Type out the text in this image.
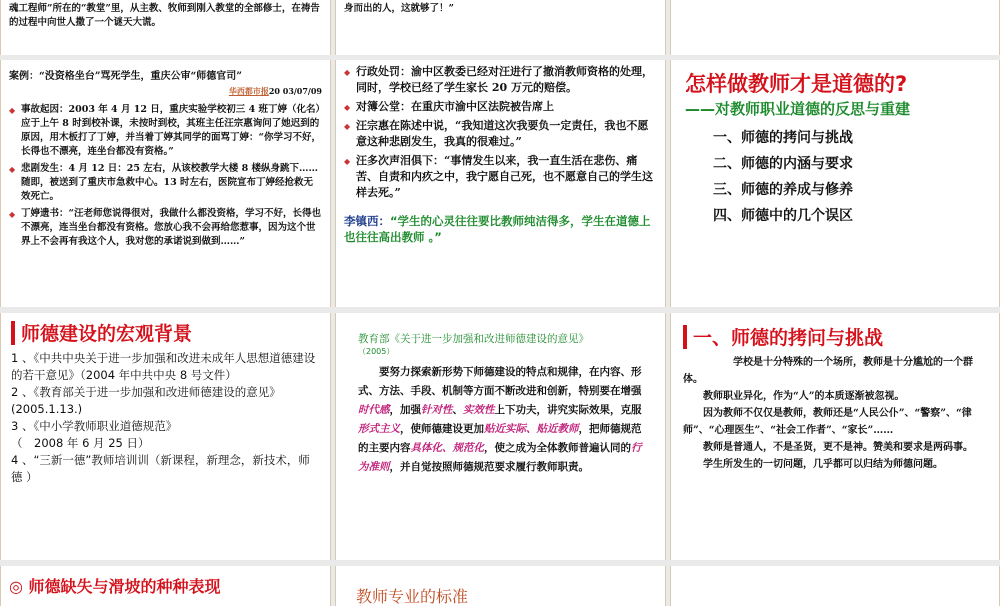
魂工程师”所在的“教堂”里，从主教、牧师到刚入教堂的全部修士，在祷告的过程中向世人撒了一个谜天大谎。
身而出的人，这就够了！”
案例：“没资格坐台”骂死学生，重庆公审“师德官司”
华西都市报20 03/07/09
◆ 事故起因：2003 年 4 月 12 日，重庆实验学校初三 4 班丁婷（化名）应于上午 8 时到校补课，未按时到校，其班主任汪宗惠询问了她迟到的原因，用木板打了丁婷，并当着丁婷其同学的面骂丁婷：“你学习不好，长得也不漂亮，连坐台都没有资格。”
◆ 悲剧发生：4 月 12 日：25 左右，从该校教学大楼 8 楼纵身跳下……随即，被送到了重庆市急救中心。13 时左右，医院宣布丁婷经抢救无效死亡。
◆ 丁婷遗书：“汪老师您说得很对，我做什么都没资格，学习不好，长得也不漂亮，连当坐台都没有资格。您放心我不会再给您惹事，因为这个世界上不会再有我这个人，我对您的承诺说到做到……”
◆ 行政处罚：渝中区教委已经对汪进行了撤消教师资格的处理，同时，学校已经了学生家长 20 万元的赔偿。
◆ 对簿公堂：在重庆市渝中区法院被告席上
◆ 汪宗惠在陈述中说，“我知道这次我要负一定责任，我也不愿意这种悲剧发生，我真的很难过。”
◆ 汪多次声泪俱下：“事情发生以来，我一直生活在悲伤、痛苦、自责和内疚之中，我宁愿自己死，也不愿意自己的学生这样去死。”
李镇西：“学生的心灵往往要比教师纯洁得多，学生在道德上也往往高出教师 。”
怎样做教师才是道德的?
——对教师职业道德的反思与重建
一、师德的拷问与挑战
二、师德的内涵与要求
三、师德的养成与修养
四、师德中的几个误区
师德建设的宏观背景
1 、《中共中央关于进一步加强和改进未成年人思想道德建设的若干意见》（2004 年中共中央 8 号文件）
2 、《教育部关于进一步加强和改进师德建设的意见》(2005.1.13.)
3 、《中小学教师职业道德规范》
（　2008 年 6 月 25 日）
4 、“三新一德”教师培训训（新课程，新理念，新技术，师德 ）
教育部《关于进一步加强和改进师德建设的意见》
（2005）
要努力探索新形势下师德建设的特点和规律，在内容、形式、方法、手段、机制等方面不断改进和创新，特别要在增强时代感，加强针对性、实效性上下功夫，讲究实际效果，克服形式主义，使师德建设更加贴近实际、贴近教师，把师德规范的主要内容具体化、规范化，使之成为全体教师普遍认同的行为准则，并自觉按照师德规范要求履行教师职责。
一、师德的拷问与挑战
学校是十分特殊的一个场所，教师是十分尴尬的一个群体。
教师职业异化，作为“人”的本质逐渐被忽视。
因为教师不仅仅是教师，教师还是“人民公仆”、“警察”、“律师”、“心理医生”、“社会工作者”、“家长”……
教师是普通人，不是圣贤，更不是神。赞美和要求是两码事。
学生所发生的一切问题，几乎都可以归结为师德问题。
◎ 师德缺失与滑坡的种种表现
教师专业的标准
